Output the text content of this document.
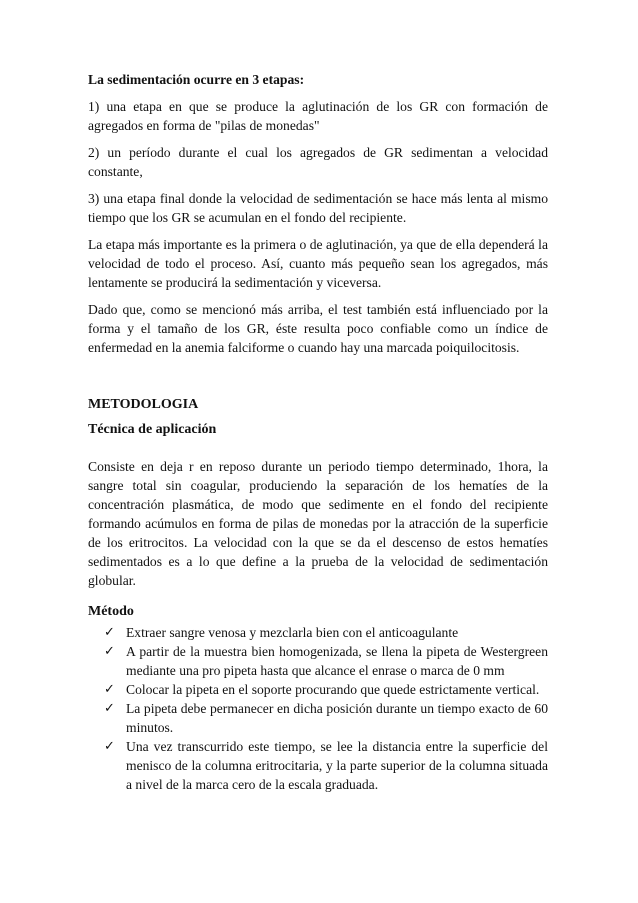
La sedimentación ocurre en 3 etapas:

1) una etapa en que se produce la aglutinación de los GR con formación de agregados en forma de "pilas de monedas"

2) un período durante el cual los agregados de GR sedimentan a velocidad constante,

3) una etapa final donde la velocidad de sedimentación se hace más lenta al mismo tiempo que los GR se acumulan en el fondo del recipiente.

La etapa más importante es la primera o de aglutinación, ya que de ella dependerá la velocidad de todo el proceso. Así, cuanto más pequeño sean los agregados, más lentamente se producirá la sedimentación y viceversa.

Dado que, como se mencionó más arriba, el test también está influenciado por la forma y el tamaño de los GR, éste resulta poco confiable como un índice de enfermedad en la anemia falciforme o cuando hay una marcada poiquilocitosis.

METODOLOGIA
Técnica de aplicación

Consiste en deja r en reposo durante un periodo tiempo determinado, 1hora, la sangre total sin coagular, produciendo la separación de los hematíes de la concentración plasmática, de modo que sedimente en el fondo del recipiente formando acúmulos en forma de pilas de monedas por la atracción de la superficie de los eritrocitos. La velocidad con la que se da el descenso de estos hematíes sedimentados es a lo que define a la prueba de la velocidad de sedimentación globular.

Método
✓ Extraer sangre venosa y mezclarla bien con el anticoagulante
✓ A partir de la muestra bien homogenizada, se llena la pipeta de Westergreen mediante una pro pipeta hasta que alcance el enrase o marca de 0 mm
✓ Colocar la pipeta en el soporte procurando que quede estrictamente vertical.
✓ La pipeta debe permanecer en dicha posición durante un tiempo exacto de 60 minutos.
✓ Una vez transcurrido este tiempo, se lee la distancia entre la superficie del menisco de la columna eritrocitaria, y la parte superior de la columna situada a nivel de la marca cero de la escala graduada.
